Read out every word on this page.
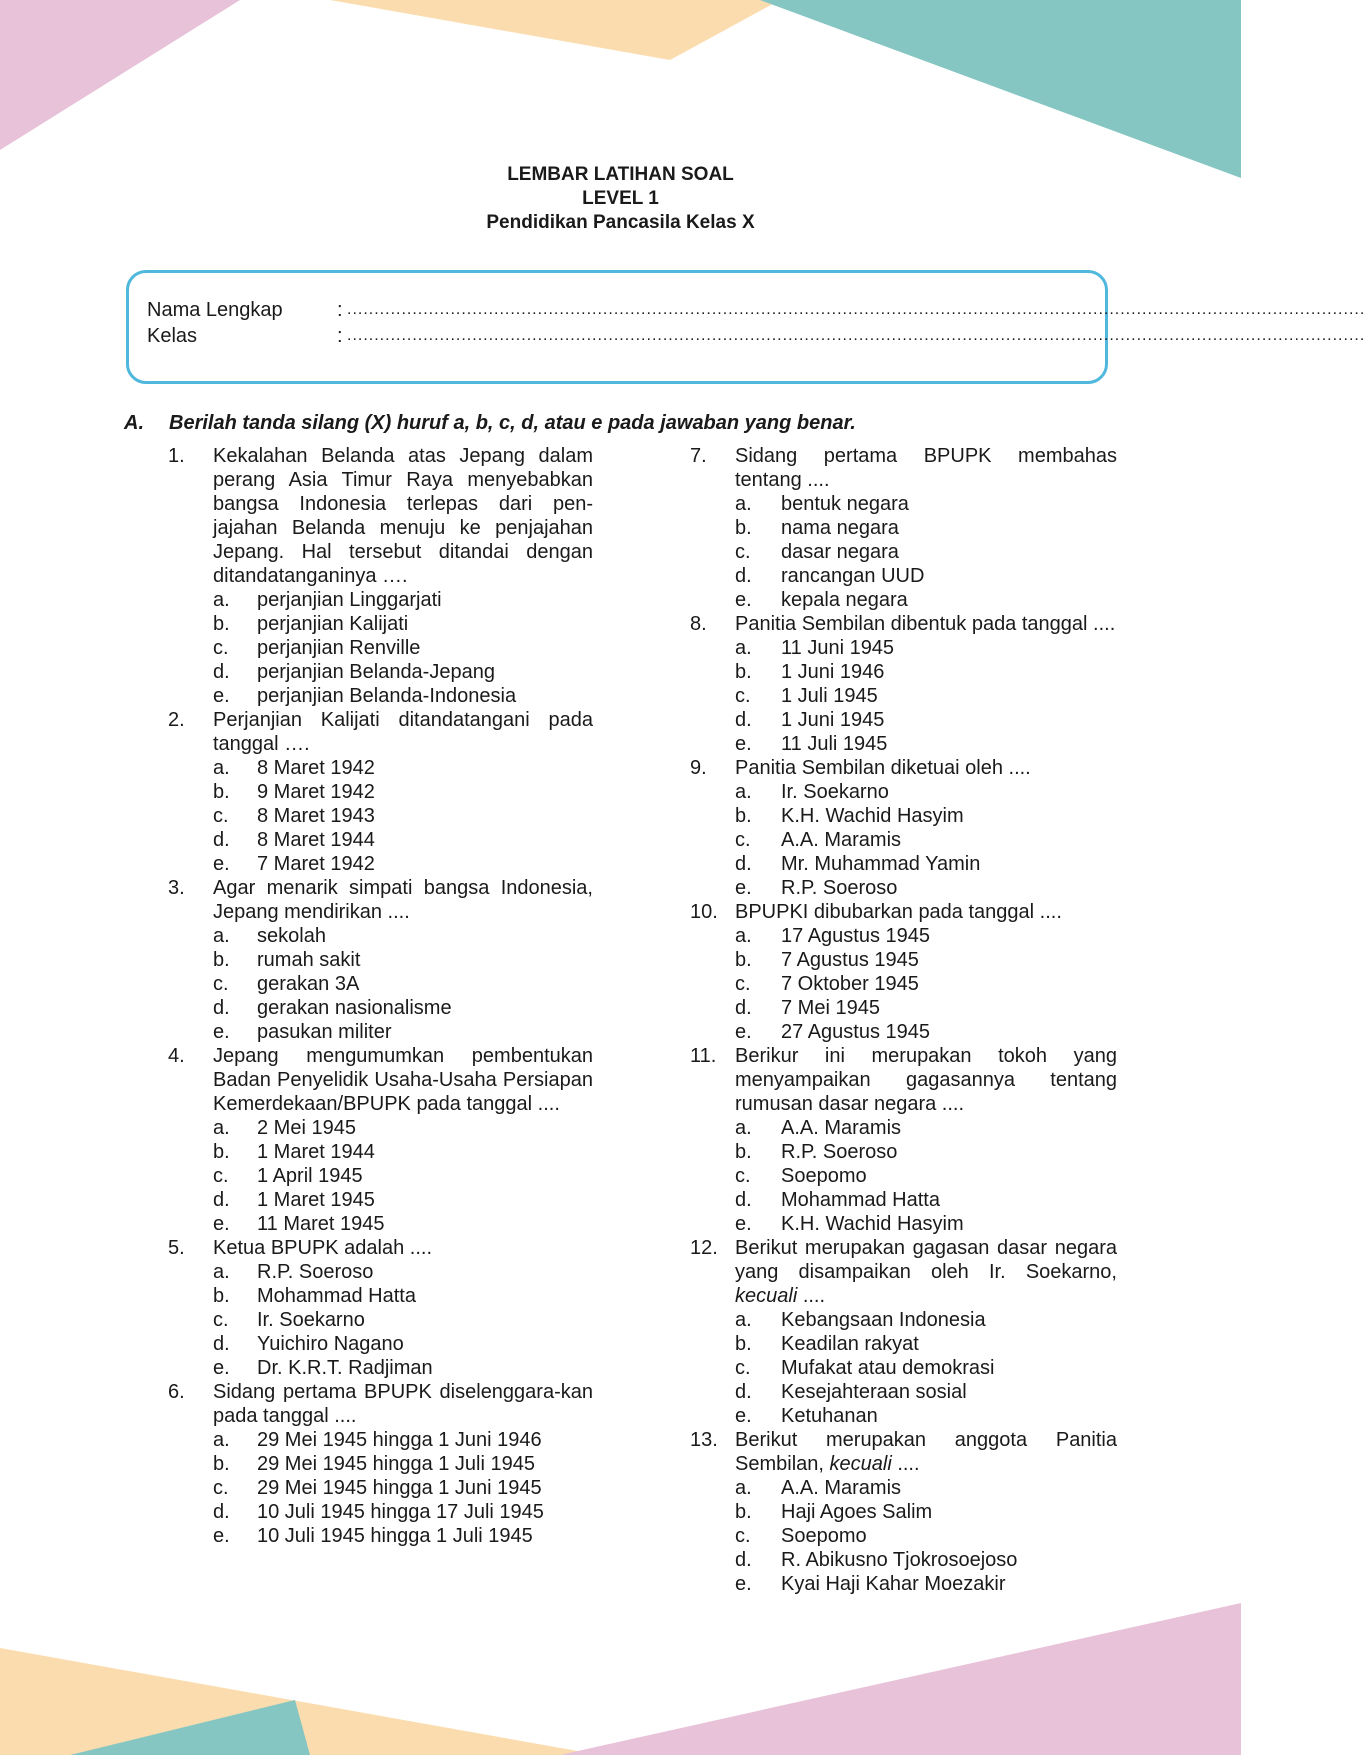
LEMBAR LATIHAN SOAL
LEVEL 1
Pendidikan Pancasila Kelas X
Nama Lengkap	: ...........................................................................................................................................................................................
Kelas	: ...........................................................................................................................................................................................
A. Berilah tanda silang (X) huruf a, b, c, d, atau e pada jawaban yang benar.
1. Kekalahan Belanda atas Jepang dalam perang Asia Timur Raya menyebabkan bangsa Indonesia terlepas dari pen-jajahan Belanda menuju ke penjajahan Jepang. Hal tersebut ditandai dengan ditandatanganinya ….
a. perjanjian Linggarjati
b. perjanjian Kalijati
c. perjanjian Renville
d. perjanjian Belanda-Jepang
e. perjanjian Belanda-Indonesia
2. Perjanjian Kalijati ditandatangani pada tanggal ….
a. 8 Maret 1942
b. 9 Maret 1942
c. 8 Maret 1943
d. 8 Maret 1944
e. 7 Maret 1942
3. Agar menarik simpati bangsa Indonesia, Jepang mendirikan ....
a. sekolah
b. rumah sakit
c. gerakan 3A
d. gerakan nasionalisme
e. pasukan militer
4. Jepang mengumumkan pembentukan Badan Penyelidik Usaha-Usaha Persiapan Kemerdekaan/BPUPK pada tanggal ....
a. 2 Mei 1945
b. 1 Maret 1944
c. 1 April 1945
d. 1 Maret 1945
e. 11 Maret 1945
5. Ketua BPUPK adalah ....
a. R.P. Soeroso
b. Mohammad Hatta
c. Ir. Soekarno
d. Yuichiro Nagano
e. Dr. K.R.T. Radjiman
6. Sidang pertama BPUPK diselenggara-kan pada tanggal ....
a. 29 Mei 1945 hingga 1 Juni 1946
b. 29 Mei 1945 hingga 1 Juli 1945
c. 29 Mei 1945 hingga 1 Juni 1945
d. 10 Juli 1945 hingga 17 Juli 1945
e. 10 Juli 1945 hingga 1 Juli 1945
7. Sidang pertama BPUPK membahas tentang ....
a. bentuk negara
b. nama negara
c. dasar negara
d. rancangan UUD
e. kepala negara
8. Panitia Sembilan dibentuk pada tanggal ....
a. 11 Juni 1945
b. 1 Juni 1946
c. 1 Juli 1945
d. 1 Juni 1945
e. 11 Juli 1945
9. Panitia Sembilan diketuai oleh ....
a. Ir. Soekarno
b. K.H. Wachid Hasyim
c. A.A. Maramis
d. Mr. Muhammad Yamin
e. R.P. Soeroso
10. BPUPKI dibubarkan pada tanggal ....
a. 17 Agustus 1945
b. 7 Agustus 1945
c. 7 Oktober 1945
d. 7 Mei 1945
e. 27 Agustus 1945
11. Berikur ini merupakan tokoh yang menyampaikan gagasannya tentang rumusan dasar negara ....
a. A.A. Maramis
b. R.P. Soeroso
c. Soepomo
d. Mohammad Hatta
e. K.H. Wachid Hasyim
12. Berikut merupakan gagasan dasar negara yang disampaikan oleh Ir. Soekarno, kecuali ....
a. Kebangsaan Indonesia
b. Keadilan rakyat
c. Mufakat atau demokrasi
d. Kesejahteraan sosial
e. Ketuhanan
13. Berikut merupakan anggota Panitia Sembilan, kecuali ....
a. A.A. Maramis
b. Haji Agoes Salim
c. Soepomo
d. R. Abikusno Tjokrosoejoso
e. Kyai Haji Kahar Moezakir
